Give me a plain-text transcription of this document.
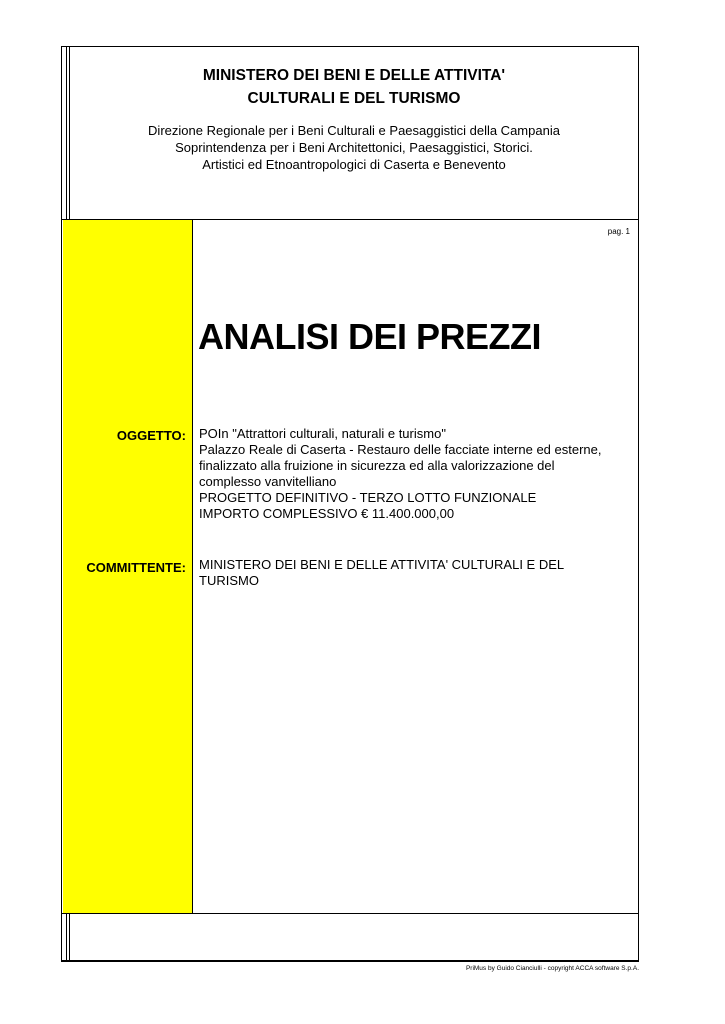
MINISTERO DEI BENI E DELLE ATTIVITA'
CULTURALI E DEL TURISMO
Direzione Regionale per i Beni Culturali e Paesaggistici della Campania
Soprintendenza per i Beni Architettonici, Paesaggistici, Storici.
Artistici ed Etnoantropologici di Caserta e Benevento
pag. 1
ANALISI DEI PREZZI
OGGETTO: POIn "Attrattori culturali, naturali e turismo"
Palazzo Reale di Caserta - Restauro delle facciate interne ed esterne,
finalizzato alla fruizione in sicurezza ed alla valorizzazione del
complesso vanvitelliano
PROGETTO DEFINITIVO - TERZO LOTTO FUNZIONALE
IMPORTO COMPLESSIVO € 11.400.000,00
COMMITTENTE: MINISTERO DEI BENI E DELLE ATTIVITA' CULTURALI E DEL
TURISMO
PriMus by Guido Cianciulli - copyright ACCA software S.p.A.
